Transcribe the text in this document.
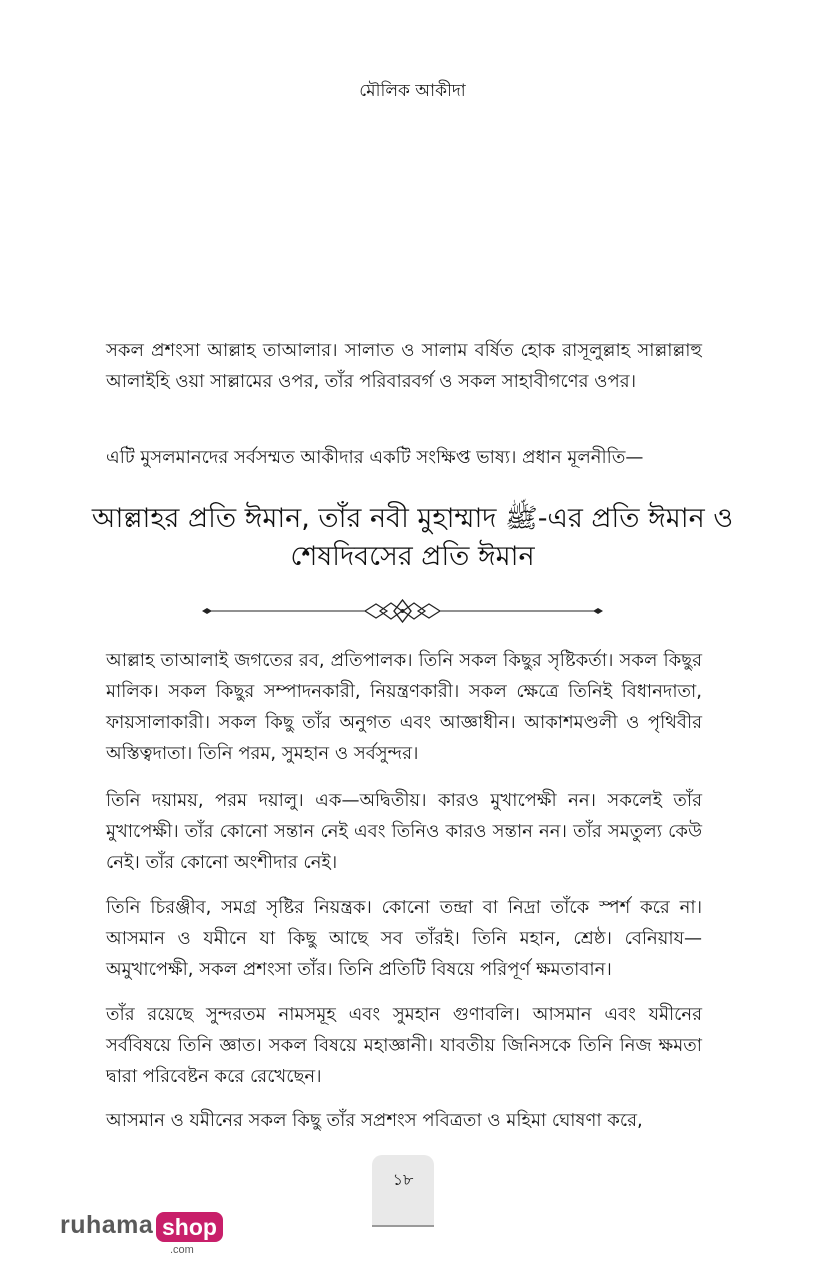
মৌলিক আকীদা

সকল প্রশংসা আল্লাহ তাআলার। সালাত ও সালাম বর্ষিত হোক রাসূলুল্লাহ সাল্লাল্লাহু আলাইহি ওয়া সাল্লামের ওপর, তাঁর পরিবারবর্গ ও সকল সাহাবীগণের ওপর।

এটি মুসলমানদের সর্বসম্মত আকীদার একটি সংক্ষিপ্ত ভাষ্য। প্রধান মূলনীতি—

আল্লাহর প্রতি ঈমান, তাঁর নবী মুহাম্মাদ ﷺ-এর প্রতি ঈমান ও
শেষদিবসের প্রতি ঈমান

আল্লাহ তাআলাই জগতের রব, প্রতিপালক। তিনি সকল কিছুর সৃষ্টিকর্তা। সকল কিছুর মালিক। সকল কিছুর সম্পাদনকারী, নিয়ন্ত্রণকারী। সকল ক্ষেত্রে তিনিই বিধানদাতা, ফায়সালাকারী। সকল কিছু তাঁর অনুগত এবং আজ্ঞাধীন। আকাশমণ্ডলী ও পৃথিবীর অস্তিত্বদাতা। তিনি পরম, সুমহান ও সর্বসুন্দর।

তিনি দয়াময়, পরম দয়ালু। এক—অদ্বিতীয়। কারও মুখাপেক্ষী নন। সকলেই তাঁর মুখাপেক্ষী। তাঁর কোনো সন্তান নেই এবং তিনিও কারও সন্তান নন। তাঁর সমতুল্য কেউ নেই। তাঁর কোনো অংশীদার নেই।

তিনি চিরঞ্জীব, সমগ্র সৃষ্টির নিয়ন্ত্রক। কোনো তন্দ্রা বা নিদ্রা তাঁকে স্পর্শ করে না। আসমান ও যমীনে যা কিছু আছে সব তাঁরই। তিনি মহান, শ্রেষ্ঠ। বেনিয়ায— অমুখাপেক্ষী, সকল প্রশংসা তাঁর। তিনি প্রতিটি বিষয়ে পরিপূর্ণ ক্ষমতাবান।

তাঁর রয়েছে সুন্দরতম নামসমূহ এবং সুমহান গুণাবলি। আসমান এবং যমীনের সর্ববিষয়ে তিনি জ্ঞাত। সকল বিষয়ে মহাজ্ঞানী। যাবতীয় জিনিসকে তিনি নিজ ক্ষমতা দ্বারা পরিবেষ্টন করে রেখেছেন।

আসমান ও যমীনের সকল কিছু তাঁর সপ্রশংস পবিত্রতা ও মহিমা ঘোষণা করে,

১৮
ruhama shop
.com
